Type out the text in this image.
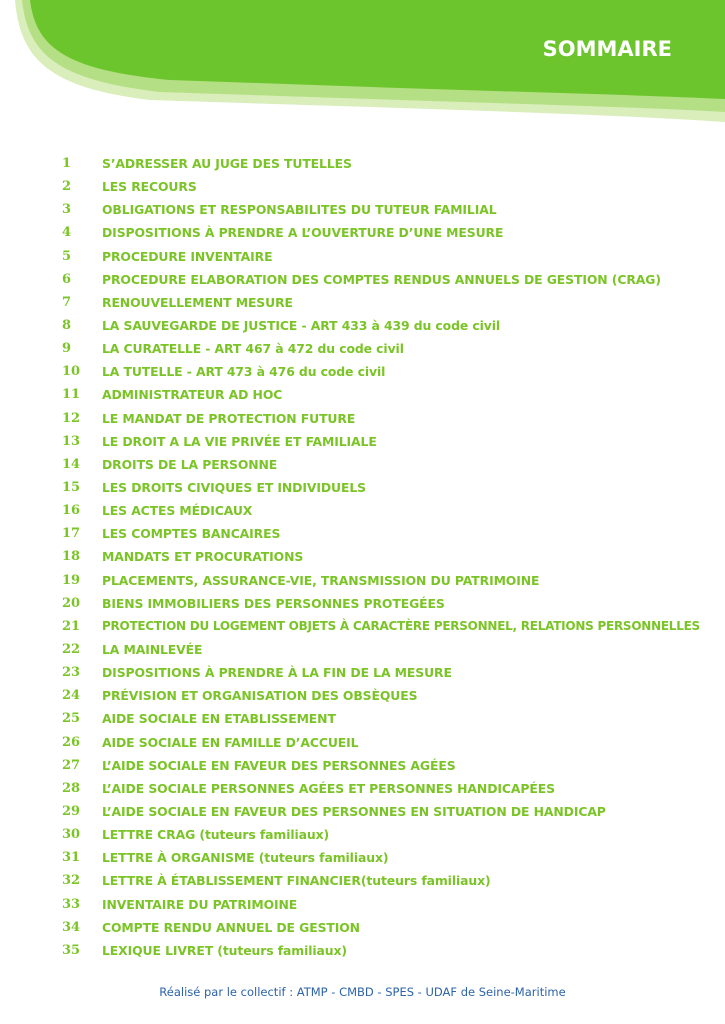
SOMMAIRE
1 S’ADRESSER AU JUGE DES TUTELLES
2 LES RECOURS
3 OBLIGATIONS ET RESPONSABILITES DU TUTEUR FAMILIAL
4 DISPOSITIONS À PRENDRE A L’OUVERTURE D’UNE MESURE
5 PROCEDURE INVENTAIRE
6 PROCEDURE ELABORATION DES COMPTES RENDUS ANNUELS DE GESTION (CRAG)
7 RENOUVELLEMENT MESURE
8 LA SAUVEGARDE DE JUSTICE - ART 433 à 439 du code civil
9 LA CURATELLE - ART 467 à 472 du code civil
10 LA TUTELLE - ART 473 à 476 du code civil
11 ADMINISTRATEUR AD HOC
12 LE MANDAT DE PROTECTION FUTURE
13 LE DROIT A LA VIE PRIVÉE ET FAMILIALE
14 DROITS DE LA PERSONNE
15 LES DROITS CIVIQUES ET INDIVIDUELS
16 LES ACTES MÉDICAUX
17 LES COMPTES BANCAIRES
18 MANDATS ET PROCURATIONS
19 PLACEMENTS, ASSURANCE-VIE, TRANSMISSION DU PATRIMOINE
20 BIENS IMMOBILIERS DES PERSONNES PROTEGÉES
21 PROTECTION DU LOGEMENT OBJETS À CARACTÈRE PERSONNEL, RELATIONS PERSONNELLES
22 LA MAINLEVÉE
23 DISPOSITIONS À PRENDRE À LA FIN DE LA MESURE
24 PRÉVISION ET ORGANISATION DES OBSÈQUES
25 AIDE SOCIALE EN ETABLISSEMENT
26 AIDE SOCIALE EN FAMILLE D’ACCUEIL
27 L’AIDE SOCIALE EN FAVEUR DES PERSONNES AGÉES
28 L’AIDE SOCIALE PERSONNES AGÉES ET PERSONNES HANDICAPÉES
29 L’AIDE SOCIALE EN FAVEUR DES PERSONNES EN SITUATION DE HANDICAP
30 LETTRE CRAG (tuteurs familiaux)
31 LETTRE À ORGANISME (tuteurs familiaux)
32 LETTRE À ÉTABLISSEMENT FINANCIER(tuteurs familiaux)
33 INVENTAIRE DU PATRIMOINE
34 COMPTE RENDU ANNUEL DE GESTION
35 LEXIQUE LIVRET (tuteurs familiaux)
Réalisé par le collectif : ATMP - CMBD - SPES - UDAF de Seine-Maritime
